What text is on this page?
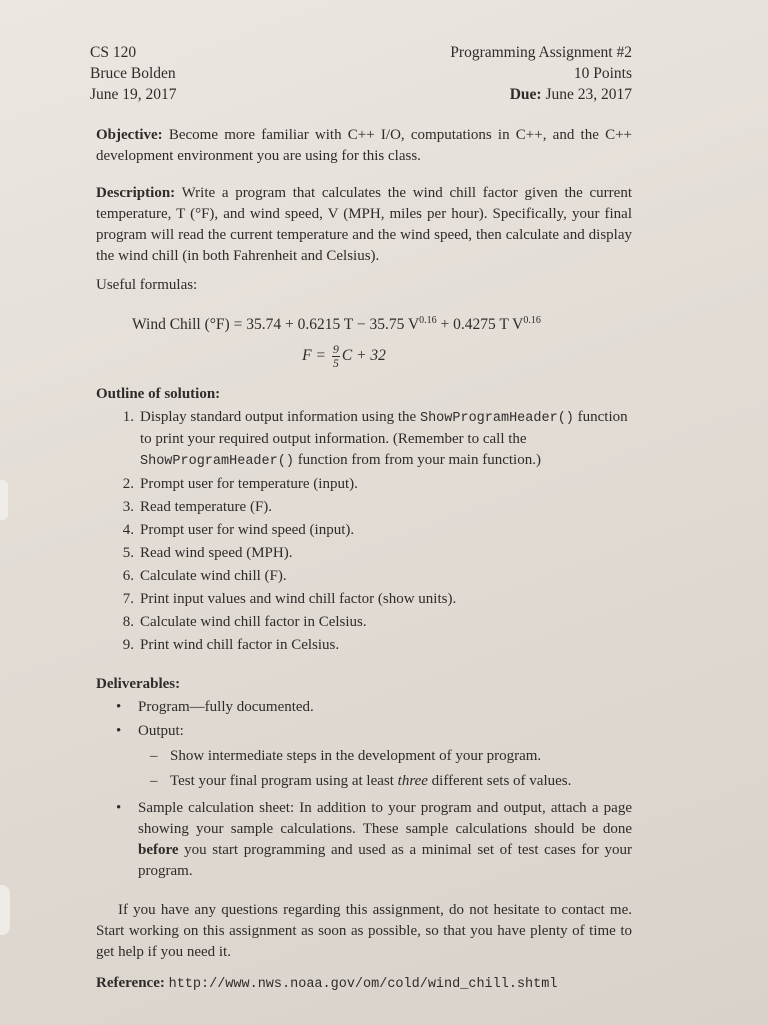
CS 120
Bruce Bolden
June 19, 2017
Programming Assignment #2
10 Points
Due: June 23, 2017
Objective: Become more familiar with C++ I/O, computations in C++, and the C++ development environment you are using for this class.
Description: Write a program that calculates the wind chill factor given the current temperature, T (°F), and wind speed, V (MPH, miles per hour). Specifically, your final program will read the current temperature and the wind speed, then calculate and display the wind chill (in both Fahrenheit and Celsius).
Useful formulas:
Wind Chill (°F) = 35.74 + 0.6215 T − 35.75 $V^{0.16} + 0.4275$ T $V^{0.16}$
$F = \frac{9}{5}$ C + 32
Outline of solution:
1. Display standard output information using the ShowProgramHeader() function to print your required output information. (Remember to call the ShowProgramHeader() function from from your main function.)
2. Prompt user for temperature (input).
3. Read temperature (F).
4. Prompt user for wind speed (input).
5. Read wind speed (MPH).
6. Calculate wind chill (F).
7. Print input values and wind chill factor (show units).
8. Calculate wind chill factor in Celsius.
9. Print wind chill factor in Celsius.
Deliverables:
•	Program—fully documented.
•	Output:
– Show intermediate steps in the development of your program.
– Test your final program using at least three different sets of values.
•	Sample calculation sheet: In addition to your program and output, attach a page showing your sample calculations. These sample calculations should be done before you start programming and used as a minimal set of test cases for your program.
If you have any questions regarding this assignment, do not hesitate to contact me. Start working on this assignment as soon as possible, so that you have plenty of time to get help if you need it.
Reference: http://www.nws.noaa.gov/om/cold/wind_chill.shtml
